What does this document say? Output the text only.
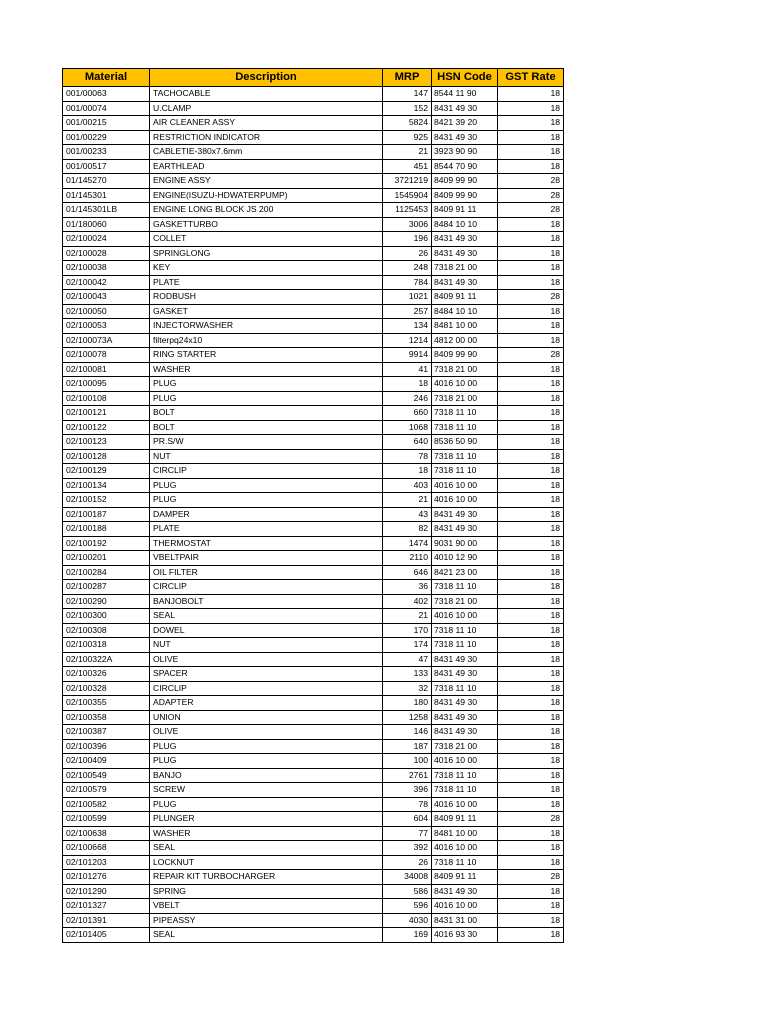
Material	Description	MRP	HSN Code	GST Rate
001/00063	TACHOCABLE	147	8544 11 90	18
001/00074	U.CLAMP	152	8431 49 30	18
001/00215	AIR CLEANER ASSY	5824	8421 39 20	18
001/00229	RESTRICTION INDICATOR	925	8431 49 30	18
001/00233	CABLETIE-380x7.6mm	21	3923 90 90	18
001/00517	EARTHLEAD	451	8544 70 90	18
01/145270	ENGINE ASSY	3721219	8409 99 90	28
01/145301	ENGINE(ISUZU-HDWATERPUMP)	1545904	8409 99 90	28
01/145301LB	ENGINE LONG BLOCK JS 200	1125453	8409 91 11	28
01/180060	GASKETTURBO	3006	8484 10 10	18
02/100024	COLLET	196	8431 49 30	18
02/100028	SPRINGLONG	26	8431 49 30	18
02/100038	KEY	248	7318 21 00	18
02/100042	PLATE	784	8431 49 30	18
02/100043	RODBUSH	1021	8409 91 11	28
02/100050	GASKET	257	8484 10 10	18
02/100053	INJECTORWASHER	134	8481 10 00	18
02/100073A	filterpq24x10	1214	4812 00 00	18
02/100078	RING STARTER	9914	8409 99 90	28
02/100081	WASHER	41	7318 21 00	18
02/100095	PLUG	18	4016 10 00	18
02/100108	PLUG	246	7318 21 00	18
02/100121	BOLT	660	7318 11 10	18
02/100122	BOLT	1068	7318 11 10	18
02/100123	PR.S/W	640	8536 50 90	18
02/100128	NUT	78	7318 11 10	18
02/100129	CIRCLIP	18	7318 11 10	18
02/100134	PLUG	403	4016 10 00	18
02/100152	PLUG	21	4016 10 00	18
02/100187	DAMPER	43	8431 49 30	18
02/100188	PLATE	82	8431 49 30	18
02/100192	THERMOSTAT	1474	9031 90 00	18
02/100201	VBELTPAIR	2110	4010 12 90	18
02/100284	OIL FILTER	646	8421 23 00	18
02/100287	CIRCLIP	36	7318 11 10	18
02/100290	BANJOBOLT	402	7318 21 00	18
02/100300	SEAL	21	4016 10 00	18
02/100308	DOWEL	170	7318 11 10	18
02/100318	NUT	174	7318 11 10	18
02/100322A	OLIVE	47	8431 49 30	18
02/100326	SPACER	133	8431 49 30	18
02/100328	CIRCLIP	32	7318 11 10	18
02/100355	ADAPTER	180	8431 49 30	18
02/100358	UNION	1258	8431 49 30	18
02/100387	OLIVE	146	8431 49 30	18
02/100396	PLUG	187	7318 21 00	18
02/100409	PLUG	100	4016 10 00	18
02/100549	BANJO	2761	7318 11 10	18
02/100579	SCREW	396	7318 11 10	18
02/100582	PLUG	78	4016 10 00	18
02/100599	PLUNGER	604	8409 91 11	28
02/100638	WASHER	77	8481 10 00	18
02/100668	SEAL	392	4016 10 00	18
02/101203	LOCKNUT	26	7318 11 10	18
02/101276	REPAIR KIT TURBOCHARGER	34008	8409 91 11	28
02/101290	SPRING	586	8431 49 30	18
02/101327	VBELT	596	4016 10 00	18
02/101391	PIPEASSY	4030	8431 31 00	18
02/101405	SEAL	169	4016 93 30	18
